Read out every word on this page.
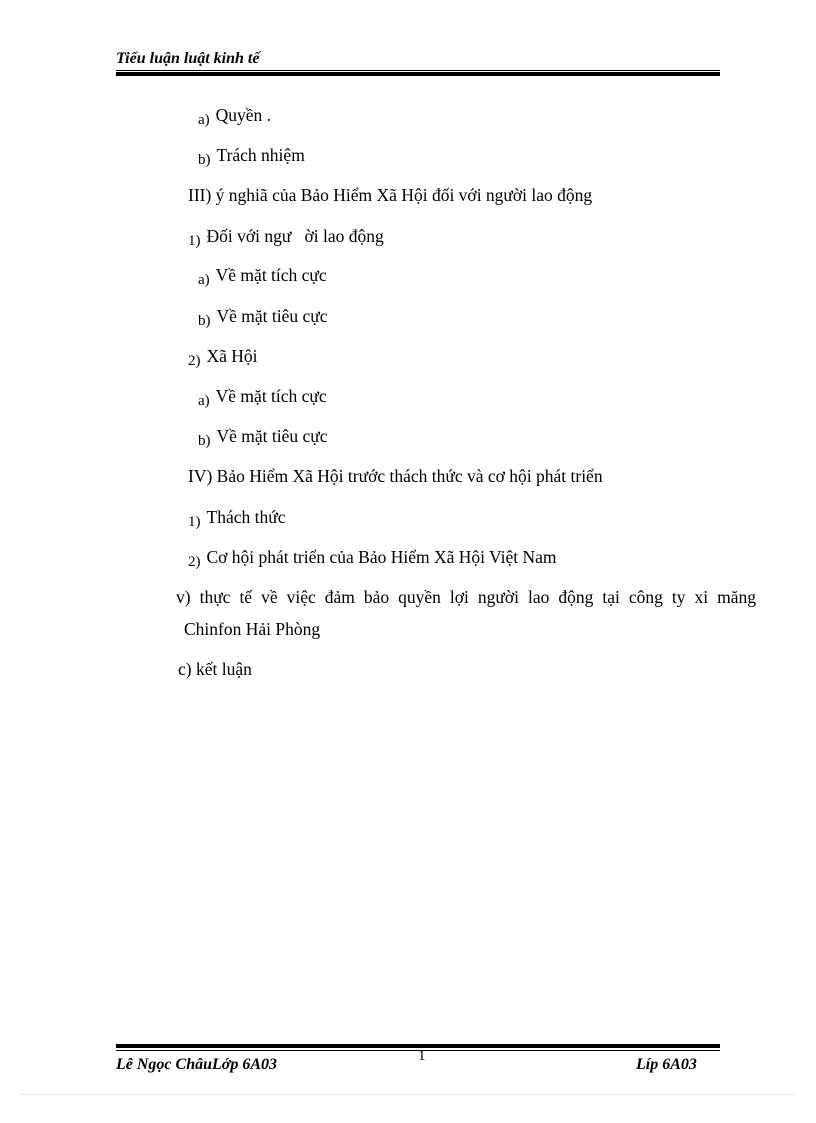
Tiểu luận luật kinh tế
a) Quyền .
b) Trách nhiệm
III) ý nghiã của Bảo Hiểm Xã Hội đối với người lao động
1) Đối với ngư   ời lao động
a) Về mặt tích cực
b) Về mặt tiêu cực
2) Xã Hội
a) Về mặt tích cực
b) Về mặt tiêu cực
IV) Bảo Hiểm Xã Hội trước thách thức và cơ hội phát triển
1) Thách thức
2) Cơ hội phát triển của Bảo Hiểm Xã Hội Việt Nam
v) thực tế về việc đảm bảo quyền lợi người lao động tại công ty xi măng
Chinfon Hải Phòng
c) kết luận
Lê Ngọc ChâuLớp 6A03	1	Líp 6A03
